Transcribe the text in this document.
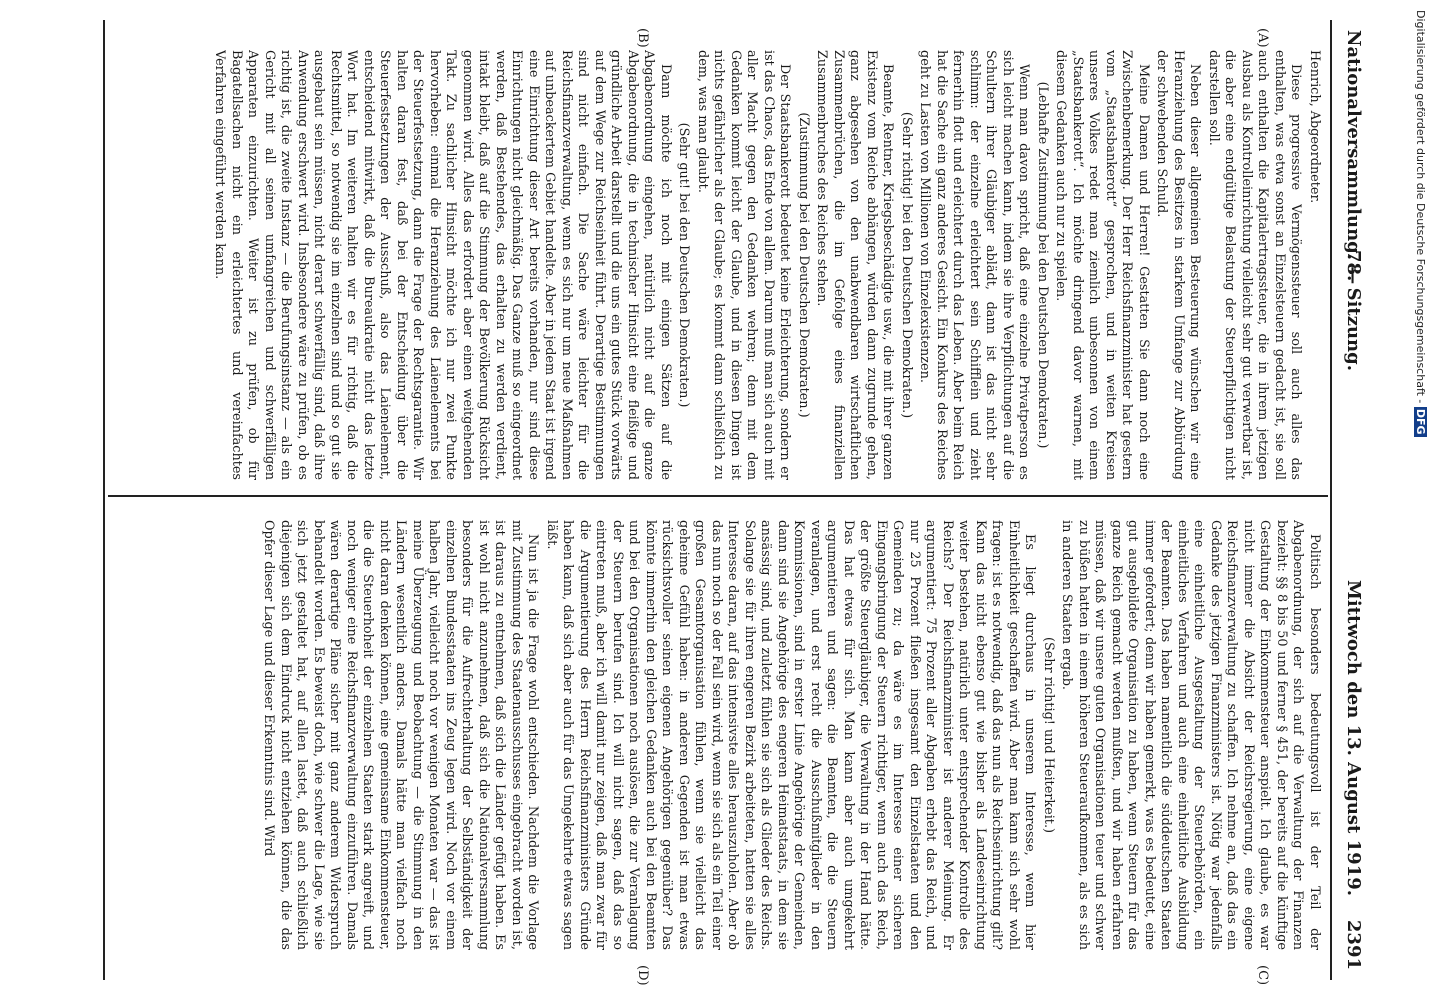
Nationalversammlung. —
78. Sitzung.
Mittwoch den 13. August 1919.
2391

Henrich, Abgeordneter.

Diese progressive Vermögenssteuer soll auch alles das enthalten, was etwa sonst an Einzelsteuern gedacht ist, sie soll auch enthalten die Kapitalertragssteuer, die in ihrem jetzigen Ausbau als Kontrolleinrichtung vielleicht sehr gut verwertbar ist, die aber eine endgültige Belastung der Steuerpflichtigen nicht darstellen soll.

Neben dieser allgemeinen Besteuerung wünschen wir eine Heranziehung des Besitzes in starkem Umfange zur Abbürdung der schwebenden Schuld.

Meine Damen und Herren! Gestatten Sie dann noch eine Zwischenbemerkung. Der Herr Reichsfinanzminister hat gestern vom „Staatsbankerott“ gesprochen, und in weiten Kreisen unseres Volkes redet man ziemlich unbesonnen von einem „Staatsbankerott“. Ich möchte dringend davor warnen, mit diesem Gedanken auch nur zu spielen.

(Lebhafte Zustimmung bei den Deutschen Demokraten.)

Wenn man davon spricht, daß eine einzelne Privatperson es sich leicht machen kann, indem sie ihre Verpflichtungen auf die Schultern ihrer Gläubiger ablädt, dann ist das nicht sehr schlimm: der einzelne erleichtert sein Schifflein und zieht fernerhin flott und erleichtert durch das Leben. Aber beim Reich hat die Sache ein ganz anderes Gesicht. Ein Konkurs des Reiches geht zu Lasten von Millionen von Einzelexistenzen.

(Sehr richtig! bei den Deutschen Demokraten.)

Beamte, Rentner, Kriegsbeschädigte usw., die mit ihrer ganzen Existenz vom Reiche abhängen, würden dann zugrunde gehen, ganz abgesehen von den unabwendbaren wirtschaftlichen Zusammenbrüchen, die im Gefolge eines finanziellen Zusammenbruches des Reiches stehen.

(Zustimmung bei den Deutschen Demokraten.)

Der Staatsbankerott bedeutet keine Erleichterung, sondern er ist das Chaos, das Ende von allem. Darum muß man sich auch mit aller Macht gegen den Gedanken wehren; denn mit dem Gedanken kommt leicht der Glaube, und in diesen Dingen ist nichts gefährlicher als der Glaube; es kommt dann schließlich zu dem, was man glaubt.

(Sehr gut! bei den Deutschen Demokraten.)

Dann möchte ich noch mit einigen Sätzen auf die Abgabenordnung eingehen, natürlich nicht auf die ganze Abgabenordnung, die in technischer Hinsicht eine fleißige und gründliche Arbeit darstellt und die uns ein gutes Stück vorwärts auf dem Wege zur Reichseinheit führt. Derartige Bestimmungen sind nicht einfach. Die Sache wäre leichter für die Reichsfinanzverwaltung, wenn es sich nur um neue Maßnahmen auf unbeackertem Gebiet handelte. Aber in jedem Staat ist irgend eine Einrichtung dieser Art bereits vorhanden, nur sind diese Einrichtungen nicht gleichmäßig. Das Ganze muß so eingeordnet werden, daß Bestehendes, das erhalten zu werden verdient, intakt bleibt, daß auf die Stimmung der Bevölkerung Rücksicht genommen wird. Alles das erfordert aber einen weitgehenden Takt. Zu sachlicher Hinsicht möchte ich nur zwei Punkte hervorheben: einmal die Heranziehung des Laienelements bei der Steuerfestsetzung, dann die Frage der Rechtsgarantie. Wir halten daran fest, daß bei der Entscheidung über die Steuerfestsetzungen der Ausschuß, also das Laienelement, entscheidend mitwirkt, daß die Bureaukratie nicht das letzte Wort hat. Im weiteren halten wir es für richtig, daß die Rechtsmittel, so notwendig sie im einzelnen sind und so gut sie ausgebaut sein müssen, nicht derart schwerfällig sind, daß ihre Anwendung erschwert wird. Insbesondere wäre zu prüfen, ob es richtig ist, die zweite Instanz — die Berufungsinstanz — als ein Gericht mit all seinen umfangreichen und schwerfälligen Apparaten einzurichten. Weiter ist zu prüfen, ob für Bagatellsachen nicht ein erleichtertes und vereinfachtes Verfahren eingeführt werden kann.

Politisch besonders bedeutungsvoll ist der Teil der Abgabenordnung, der sich auf die Verwaltung der Finanzen bezieht: §§ 8 bis 50 und ferner § 451, der bereits auf die künftige Gestaltung der Einkommensteuer anspielt. Ich glaube, es war nicht immer die Absicht der Reichsregierung, eine eigene Reichsfinanzverwaltung zu schaffen. Ich nehme an, daß das ein Gedanke des jetzigen Finanzministers ist. Nötig war jedenfalls eine einheitliche Ausgestaltung der Steuerbehörden, ein einheitliches Verfahren und auch eine einheitliche Ausbildung der Beamten. Das haben namentlich die süddeutschen Staaten immer gefordert; denn wir haben gemerkt, was es bedeutet, eine gut ausgebildete Organisation zu haben, wenn Steuern für das ganze Reich gemacht werden mußten, und wir haben erfahren müssen, daß wir unsere guten Organisationen teuer und schwer zu büßen hatten in einem höheren Steueraufkommen, als es sich in anderen Staaten ergab.

(Sehr richtig! und Heiterkeit.)

Es liegt durchaus in unserem Interesse, wenn hier Einheitlichkeit geschaffen wird. Aber man kann sich sehr wohl fragen: ist es notwendig, daß das nun als Reichseinrichtung gilt? Kann das nicht ebenso gut wie bisher als Landeseinrichtung weiter bestehen, natürlich unter entsprechender Kontrolle des Reichs? Der Reichsfinanzminister ist anderer Meinung. Er argumentiert: 75 Prozent aller Abgaben erhebt das Reich, und nur 25 Prozent fließen insgesamt den Einzelstaaten und den Gemeinden zu; da wäre es im Interesse einer sicheren Eingangsbringung der Steuern richtiger, wenn auch das Reich, der größte Steuergläubiger, die Verwaltung in der Hand hätte. Das hat etwas für sich. Man kann aber auch umgekehrt argumentieren und sagen: die Beamten, die die Steuern veranlagen, und erst recht die Ausschußmitglieder in den Kommissionen, sind in erster Linie Angehörige der Gemeinden, dann sind sie Angehörige des engeren Heimatstaats, in dem sie ansässig sind, und zuletzt fühlen sie sich als Glieder des Reichs. Solange sie für ihren engeren Bezirk arbeiteten, hatten sie alles Interesse daran, auf das intensivste alles herauszuholen. Aber ob das nun noch so der Fall sein wird, wenn sie sich als ein Teil einer großen Gesamtorganisation fühlen, wenn sie vielleicht das geheime Gefühl haben: in anderen Gegenden ist man etwas rücksichtsvoller seinen eigenen Angehörigen gegenüber? Das könnte immerhin den gleichen Gedanken auch bei den Beamten und bei den Organisationen noch auslösen, die zur Veranlagung der Steuern berufen sind. Ich will nicht sagen, daß das so eintreten muß, aber ich will damit nur zeigen, daß man zwar für die Argumentierung des Herrn Reichsfinanzministers Gründe haben kann, daß sich aber auch für das Umgekehrte etwas sagen läßt.

Nun ist ja die Frage wohl entschieden. Nachdem die Vorlage mit Zustimmung des Staatenausschusses eingebracht worden ist, ist daraus zu entnehmen, daß sich die Länder gefügt haben. Es ist wohl nicht anzunehmen, daß sich die Nationalversammlung besonders für die Aufrechterhaltung der Selbständigkeit der einzelnen Bundesstaaten ins Zeug legen wird. Noch vor einem halben Jahr, vielleicht noch vor wenigen Monaten war — das ist meine Überzeugung und Beobachtung — die Stimmung in den Ländern wesentlich anders. Damals hätte man vielfach noch nicht daran denken können, eine gemeinsame Einkommensteuer, die die Steuerhoheit der einzelnen Staaten stark angreift, und noch weniger eine Reichsfinanzverwaltung einzuführen. Damals wären derartige Pläne sicher mit ganz anderem Widerspruch behandelt worden. Es beweist doch, wie schwer die Lage, wie sie sich jetzt gestaltet hat, auf allen lastet, daß auch schließlich diejenigen sich dem Eindruck nicht entziehen können, die das Opfer dieser Lage und dieser Erkenntnis sind. Wird

(A)
(B)
(C)
(D)
Digitalisierung gefördert durch die Deutsche Forschungsgemeinschaft - DFG
